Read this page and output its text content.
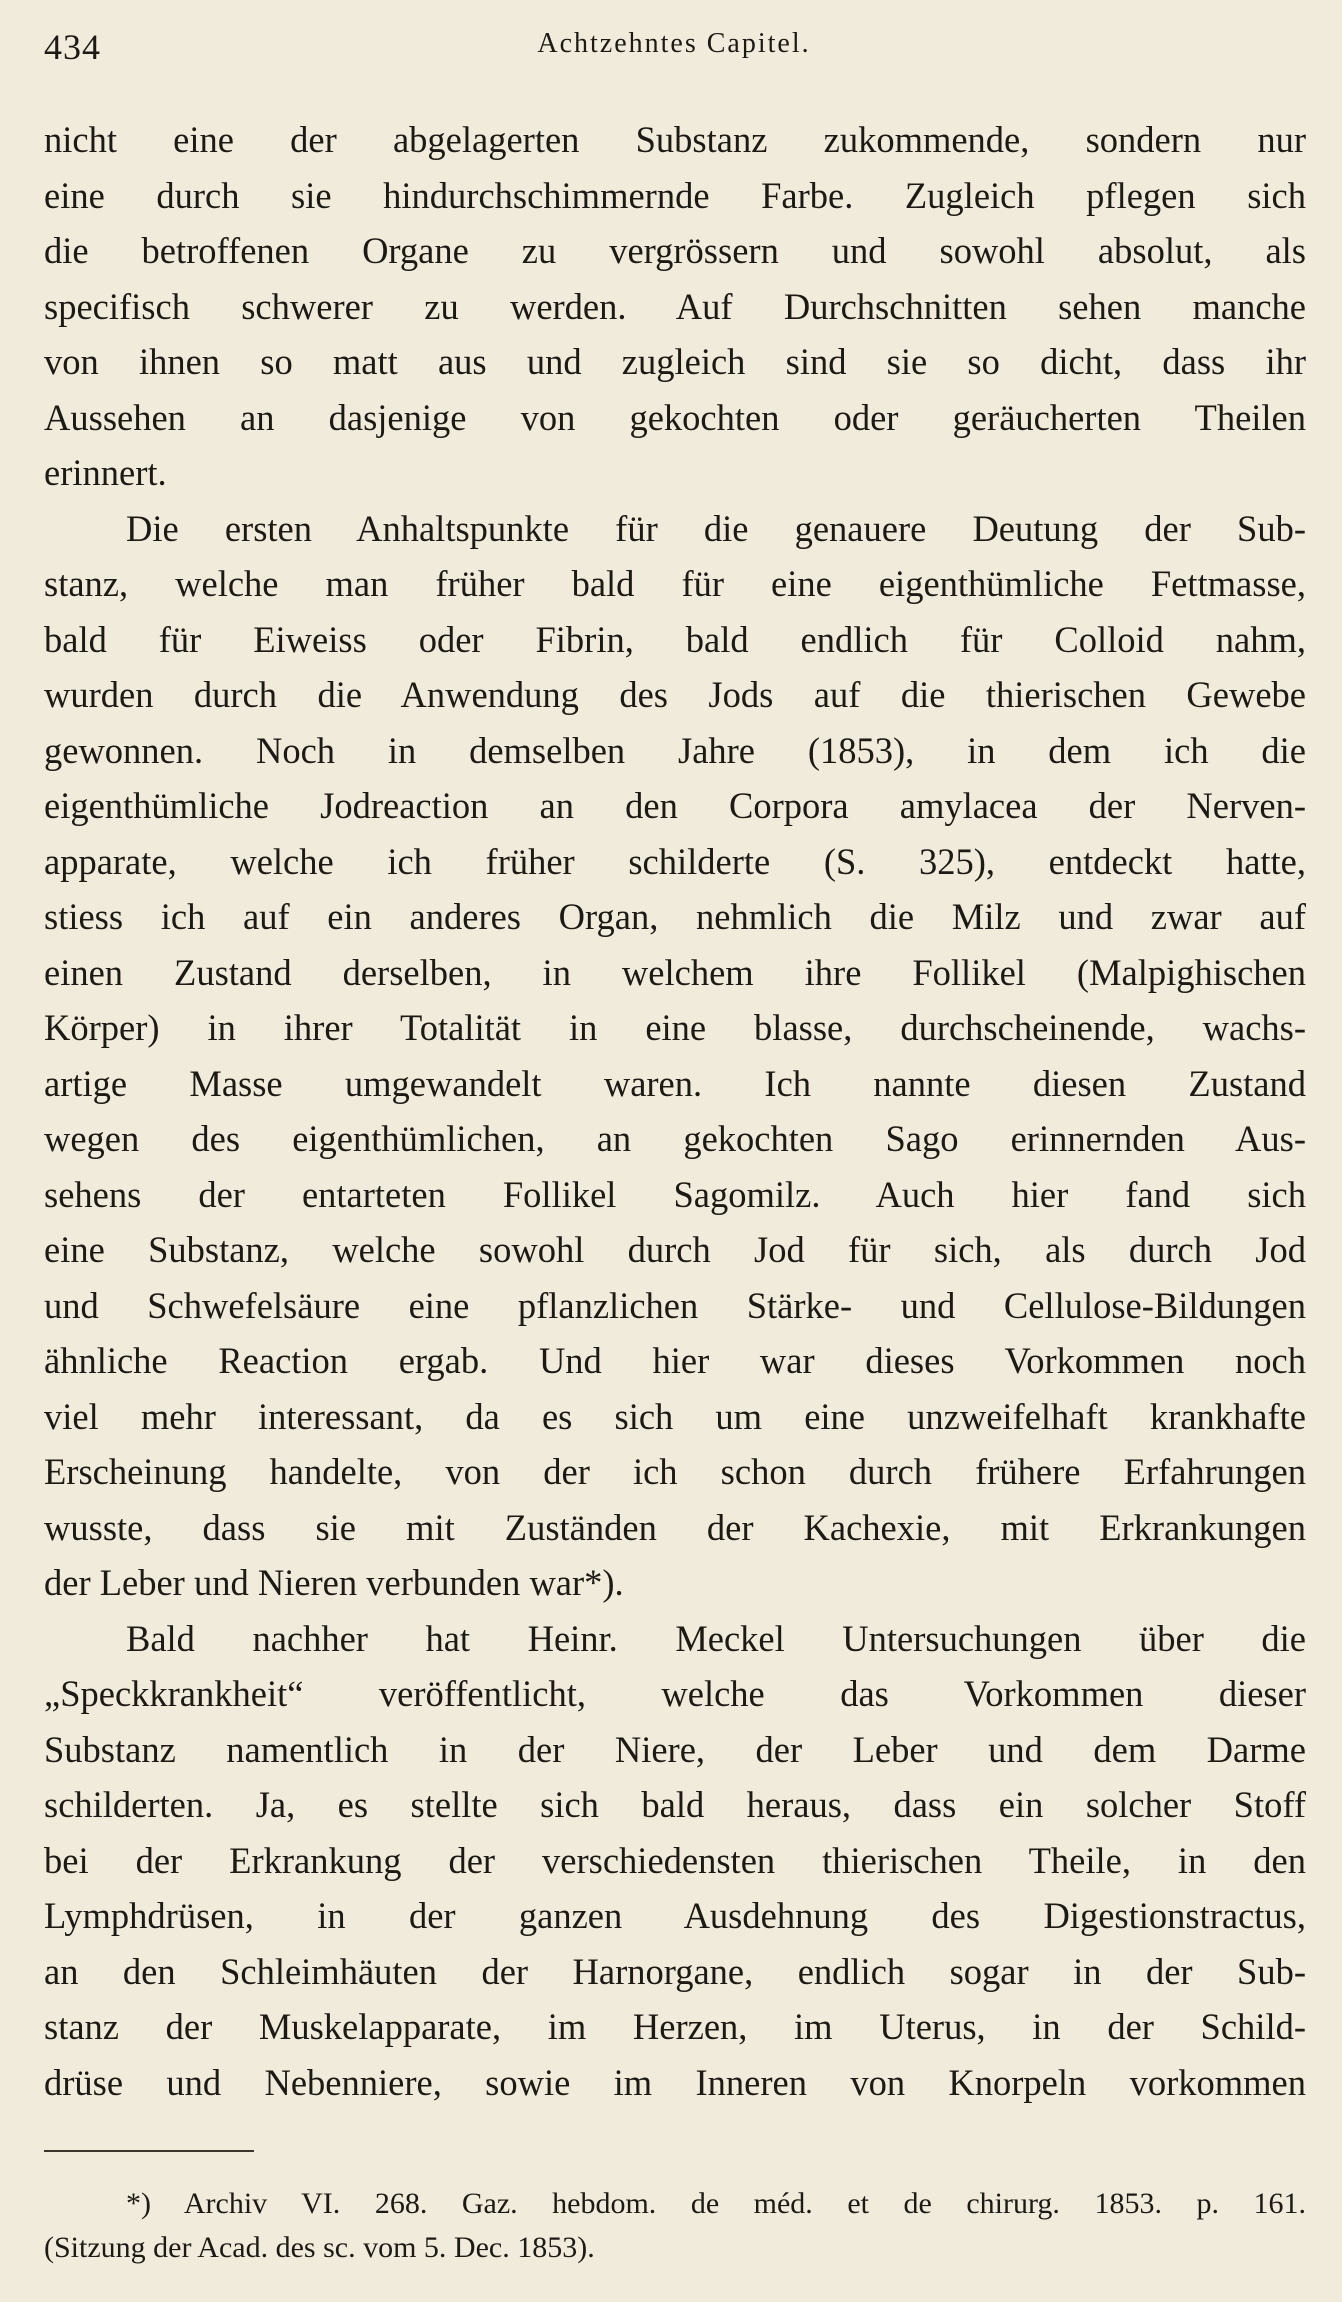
434	Achtzehntes Capitel.
nicht eine der abgelagerten Substanz zukommende, sondern nur
eine durch sie hindurchschimmernde Farbe. Zugleich pflegen sich
die betroffenen Organe zu vergrössern und sowohl absolut, als
specifisch schwerer zu werden. Auf Durchschnitten sehen manche
von ihnen so matt aus und zugleich sind sie so dicht, dass ihr
Aussehen an dasjenige von gekochten oder geräucherten Theilen
erinnert.
Die ersten Anhaltspunkte für die genauere Deutung der Sub-
stanz, welche man früher bald für eine eigenthümliche Fettmasse,
bald für Eiweiss oder Fibrin, bald endlich für Colloid nahm,
wurden durch die Anwendung des Jods auf die thierischen Gewebe
gewonnen. Noch in demselben Jahre (1853), in dem ich die
eigenthümliche Jodreaction an den Corpora amylacea der Nerven-
apparate, welche ich früher schilderte (S. 325), entdeckt hatte,
stiess ich auf ein anderes Organ, nehmlich die Milz und zwar auf
einen Zustand derselben, in welchem ihre Follikel (Malpighischen
Körper) in ihrer Totalität in eine blasse, durchscheinende, wachs-
artige Masse umgewandelt waren. Ich nannte diesen Zustand
wegen des eigenthümlichen, an gekochten Sago erinnernden Aus-
sehens der entarteten Follikel Sagomilz. Auch hier fand sich
eine Substanz, welche sowohl durch Jod für sich, als durch Jod
und Schwefelsäure eine pflanzlichen Stärke- und Cellulose-Bildungen
ähnliche Reaction ergab. Und hier war dieses Vorkommen noch
viel mehr interessant, da es sich um eine unzweifelhaft krankhafte
Erscheinung handelte, von der ich schon durch frühere Erfahrungen
wusste, dass sie mit Zuständen der Kachexie, mit Erkrankungen
der Leber und Nieren verbunden war*).
Bald nachher hat Heinr. Meckel Untersuchungen über die
„Speckkrankheit“ veröffentlicht, welche das Vorkommen dieser
Substanz namentlich in der Niere, der Leber und dem Darme
schilderten. Ja, es stellte sich bald heraus, dass ein solcher Stoff
bei der Erkrankung der verschiedensten thierischen Theile, in den
Lymphdrüsen, in der ganzen Ausdehnung des Digestionstractus,
an den Schleimhäuten der Harnorgane, endlich sogar in der Sub-
stanz der Muskelapparate, im Herzen, im Uterus, in der Schild-
drüse und Nebenniere, sowie im Inneren von Knorpeln vorkommen
*) Archiv VI. 268. Gaz. hebdom. de méd. et de chirurg. 1853. p. 161.
(Sitzung der Acad. des sc. vom 5. Dec. 1853).
